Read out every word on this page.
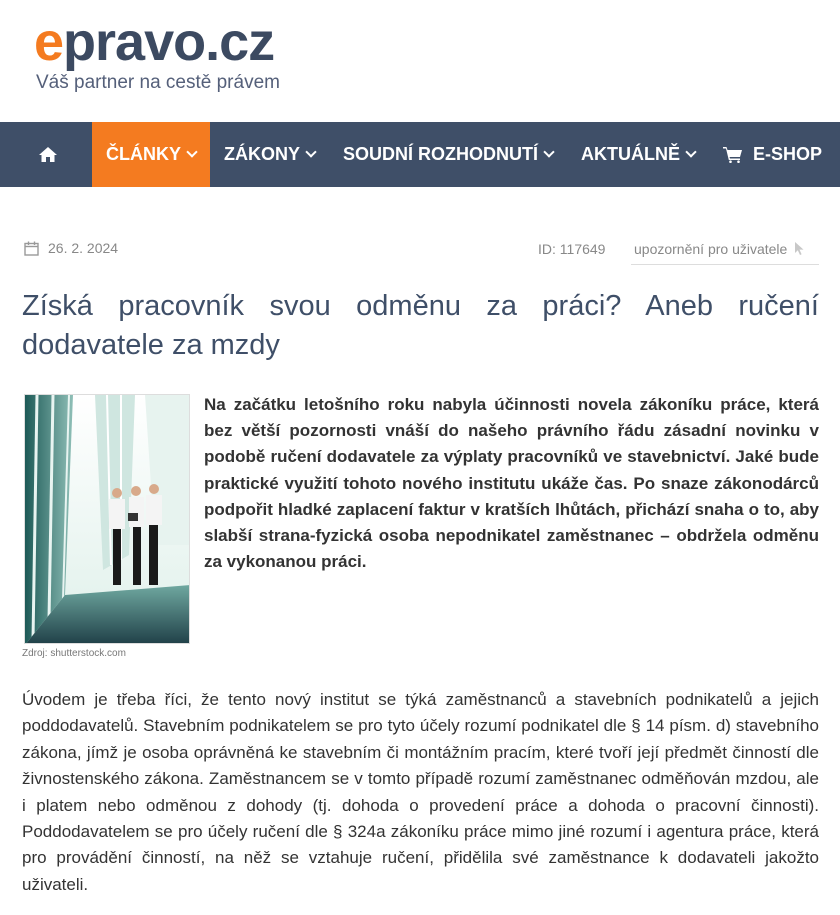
epravo.cz
Váš partner na cestě právem
ČLÁNKY ZÁKONY SOUDNÍ ROZHODNUTÍ AKTUÁLNĚ	E-SHOP
26. 2. 2024	ID: 117649 upozornění pro uživatele
Získá pracovník svou odměnu za práci? Aneb ručení dodavatele za mzdy
Zdroj: shutterstock.com

Na začátku letošního roku nabyla účinnosti novela zákoníku práce, která bez větší pozornosti vnáší do našeho právního řádu zásadní novinku v podobě ručení dodavatele za výplaty pracovníků ve stavebnictví. Jaké bude praktické využití tohoto nového institutu ukáže čas. Po snaze zákonodárců podpořit hladké zaplacení faktur v kratších lhůtách, přichází snaha o to, aby slabší strana-fyzická osoba nepodnikatel zaměstnanec – obdržela odměnu za vykonanou práci.

Úvodem je třeba říci, že tento nový institut se týká zaměstnanců a stavebních podnikatelů a jejich poddodavatelů. Stavebním podnikatelem se pro tyto účely rozumí podnikatel dle § 14 písm. d) stavebního zákona, jímž je osoba oprávněná ke stavebním či montážním pracím, které tvoří její předmět činností dle živnostenského zákona. Zaměstnancem se v tomto případě rozumí zaměstnanec odměňován mzdou, ale i platem nebo odměnou z dohody (tj. dohoda o provedení práce a dohoda o pracovní činnosti). Poddodavatelem se pro účely ručení dle § 324a zákoníku práce mimo jiné rozumí i agentura práce, která pro provádění činností, na něž se vztahuje ručení, přidělila své zaměstnance k dodavateli jakožto uživateli.
